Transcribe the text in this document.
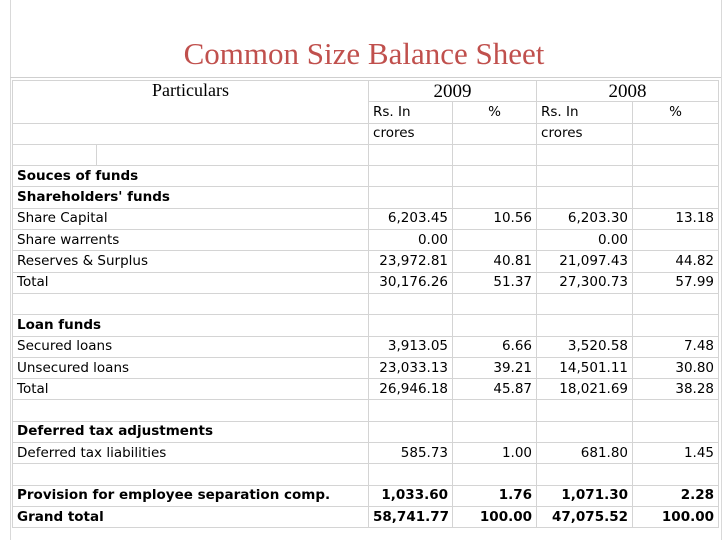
Common Size Balance Sheet
Particulars		2009		2008	
		Rs. In	%	Rs. In	%
		crores		crores	

Souces of funds					
Shareholders' funds					
Share Capital		6,203.45	10.56	6,203.30	13.18
Share warrents		0.00		0.00	
Reserves & Surplus		23,972.81	40.81	21,097.43	44.82
Total		30,176.26	51.37	27,300.73	57.99

Loan funds					
Secured loans		3,913.05	6.66	3,520.58	7.48
Unsecured loans		23,033.13	39.21	14,501.11	30.80
Total		26,946.18	45.87	18,021.69	38.28

Deferred tax adjustments					
Deferred tax liabilities		585.73	1.00	681.80	1.45

Provision for employee separation comp.		1,033.60	1.76	1,071.30	2.28
Grand total		58,741.77	100.00	47,075.52	100.00
